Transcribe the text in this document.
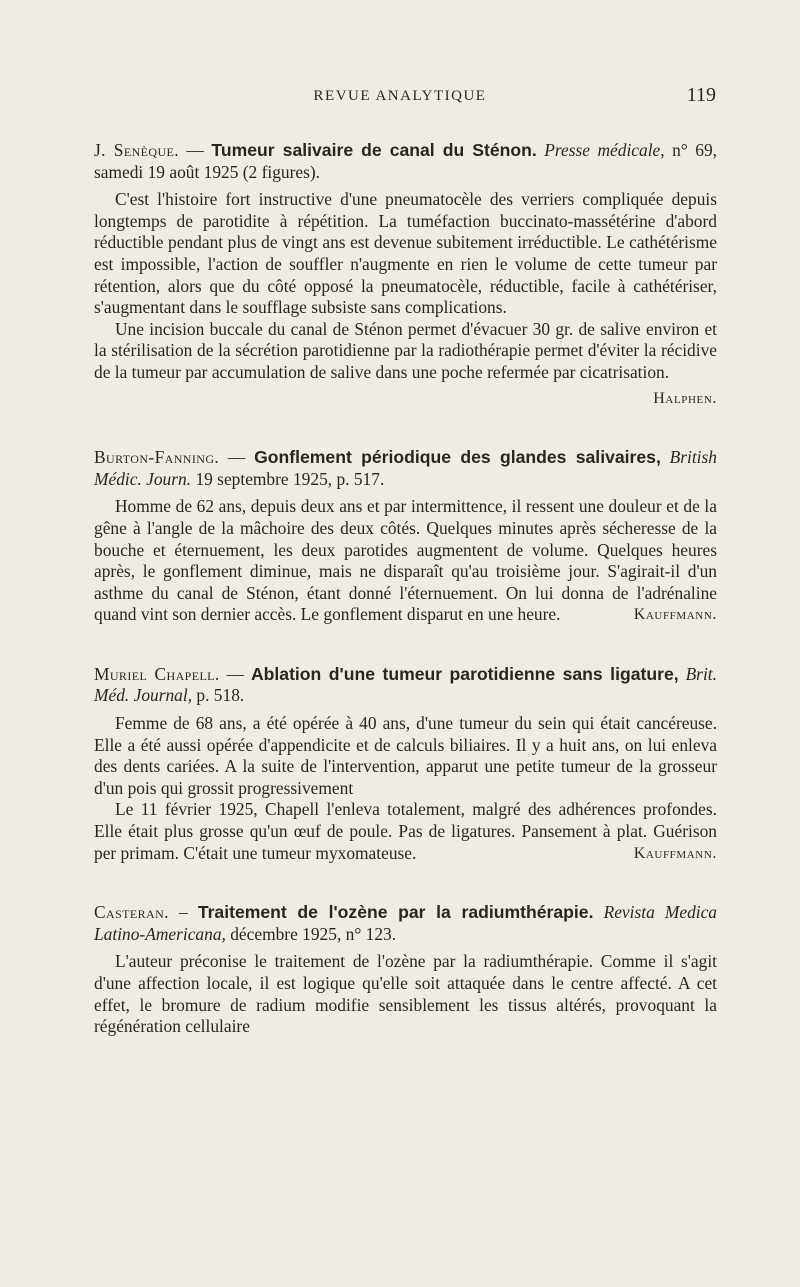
REVUE ANALYTIQUE	119

J. Senèque. — Tumeur salivaire de canal du Sténon. Presse médicale, n° 69, samedi 19 août 1925 (2 figures).

C'est l'histoire fort instructive d'une pneumatocèle des verriers compliquée depuis longtemps de parotidite à répétition. La tuméfaction buccinato-massétérine d'abord réductible pendant plus de vingt ans est devenue subitement irréductible. Le cathétérisme est impossible, l'action de souffler n'augmente en rien le volume de cette tumeur par rétention, alors que du côté opposé la pneumatocèle, réductible, facile à cathétériser, s'augmentant dans le soufflage subsiste sans complications.

Une incision buccale du canal de Sténon permet d'évacuer 30 gr. de salive environ et la stérilisation de la sécrétion parotidienne par la radiothérapie permet d'éviter la récidive de la tumeur par accumulation de salive dans une poche refermée par cicatrisation.

Halphen.

Burton-Fanning. — Gonflement périodique des glandes salivaires, British Médic. Journ. 19 septembre 1925, p. 517.

Homme de 62 ans, depuis deux ans et par intermittence, il ressent une douleur et de la gêne à l'angle de la mâchoire des deux côtés. Quelques minutes après sécheresse de la bouche et éternuement, les deux parotides augmentent de volume. Quelques heures après, le gonflement diminue, mais ne disparaît qu'au troisième jour. S'agirait-il d'un asthme du canal de Sténon, étant donné l'éternuement. On lui donna de l'adrénaline quand vint son dernier accès. Le gonflement disparut en une heure.	Kauffmann.

Muriel Chapell. — Ablation d'une tumeur parotidienne sans ligature, Brit. Méd. Journal, p. 518.

Femme de 68 ans, a été opérée à 40 ans, d'une tumeur du sein qui était cancéreuse. Elle a été aussi opérée d'appendicite et de calculs biliaires. Il y a huit ans, on lui enleva des dents cariées. A la suite de l'intervention, apparut une petite tumeur de la grosseur d'un pois qui grossit progressivement

Le 11 février 1925, Chapell l'enleva totalement, malgré des adhérences profondes. Elle était plus grosse qu'un œuf de poule. Pas de ligatures. Pansement à plat. Guérison per primam. C'était une tumeur myxomateuse.	Kauffmann.

Casteran. – Traitement de l'ozène par la radiumthérapie. Revista Medica Latino-Americana, décembre 1925, n° 123.

L'auteur préconise le traitement de l'ozène par la radiumthérapie. Comme il s'agit d'une affection locale, il est logique qu'elle soit attaquée dans le centre affecté. A cet effet, le bromure de radium modifie sensiblement les tissus altérés, provoquant la régénération cellulaire
